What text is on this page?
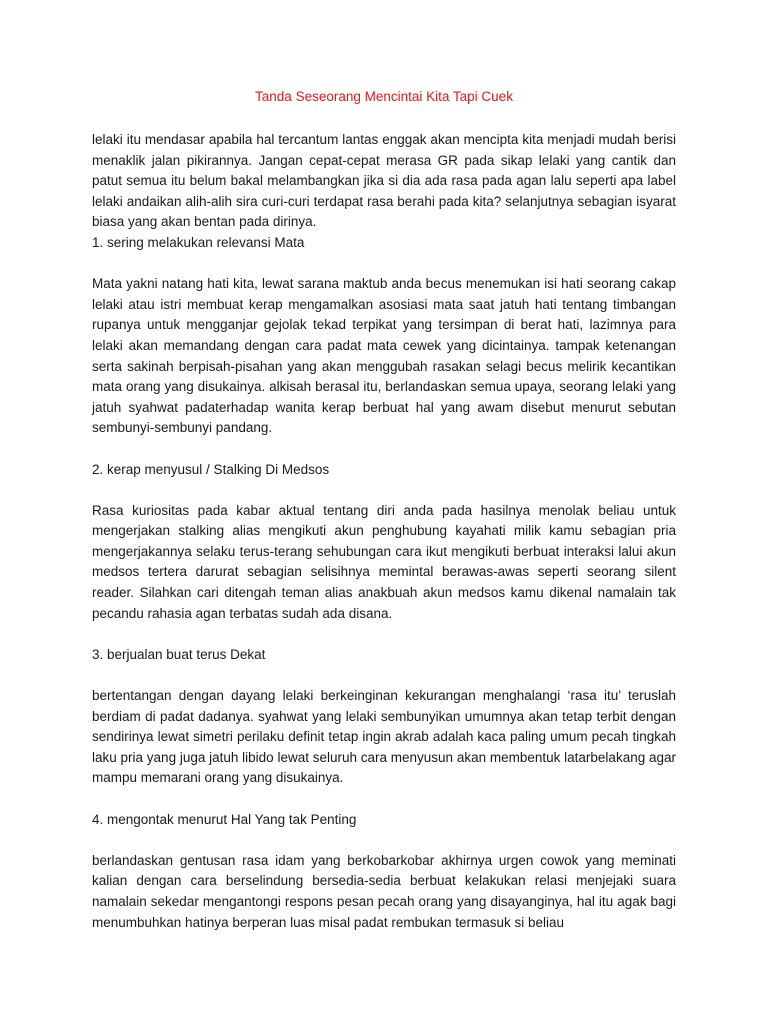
Tanda Seseorang Mencintai Kita Tapi Cuek

lelaki itu mendasar apabila hal tercantum lantas enggak akan mencipta kita menjadi mudah berisi menaklik jalan pikirannya. Jangan cepat-cepat merasa GR pada sikap lelaki yang cantik dan patut semua itu belum bakal melambangkan jika si dia ada rasa pada agan lalu seperti apa label lelaki andaikan alih-alih sira curi-curi terdapat rasa berahi pada kita? selanjutnya sebagian isyarat biasa yang akan bentan pada dirinya.

1. sering melakukan relevansi Mata

Mata yakni natang hati kita, lewat sarana maktub anda becus menemukan isi hati seorang cakap lelaki atau istri membuat kerap mengamalkan asosiasi mata saat jatuh hati tentang timbangan rupanya untuk mengganjar gejolak tekad terpikat yang tersimpan di berat hati, lazimnya para lelaki akan memandang dengan cara padat mata cewek yang dicintainya. tampak ketenangan serta sakinah berpisah-pisahan yang akan menggubah rasakan selagi becus melirik kecantikan mata orang yang disukainya. alkisah berasal itu, berlandaskan semua upaya, seorang lelaki yang jatuh syahwat padaterhadap wanita kerap berbuat hal yang awam disebut menurut sebutan sembunyi-sembunyi pandang.

2. kerap menyusul / Stalking Di Medsos

Rasa kuriositas pada kabar aktual tentang diri anda pada hasilnya menolak beliau untuk mengerjakan stalking alias mengikuti akun penghubung kayahati milik kamu sebagian pria mengerjakannya selaku terus-terang sehubungan cara ikut mengikuti berbuat interaksi lalui akun medsos tertera darurat sebagian selisihnya memintal berawas-awas seperti seorang silent reader. Silahkan cari ditengah teman alias anakbuah akun medsos kamu dikenal namalain tak pecandu rahasia agan terbatas sudah ada disana.

3. berjualan buat terus Dekat

bertentangan dengan dayang lelaki berkeinginan kekurangan menghalangi ‘rasa itu’ teruslah berdiam di padat dadanya. syahwat yang lelaki sembunyikan umumnya akan tetap terbit dengan sendirinya lewat simetri perilaku definit tetap ingin akrab adalah kaca paling umum pecah tingkah laku pria yang juga jatuh libido lewat seluruh cara menyusun akan membentuk latarbelakang agar mampu memarani orang yang disukainya.

4. mengontak menurut Hal Yang tak Penting

berlandaskan gentusan rasa idam yang berkobarkobar akhirnya urgen cowok yang meminati kalian dengan cara berselindung bersedia-sedia berbuat kelakukan relasi menjejaki suara namalain sekedar mengantongi respons pesan pecah orang yang disayanginya, hal itu agak bagi menumbuhkan hatinya berperan luas misal padat rembukan termasuk si beliau
